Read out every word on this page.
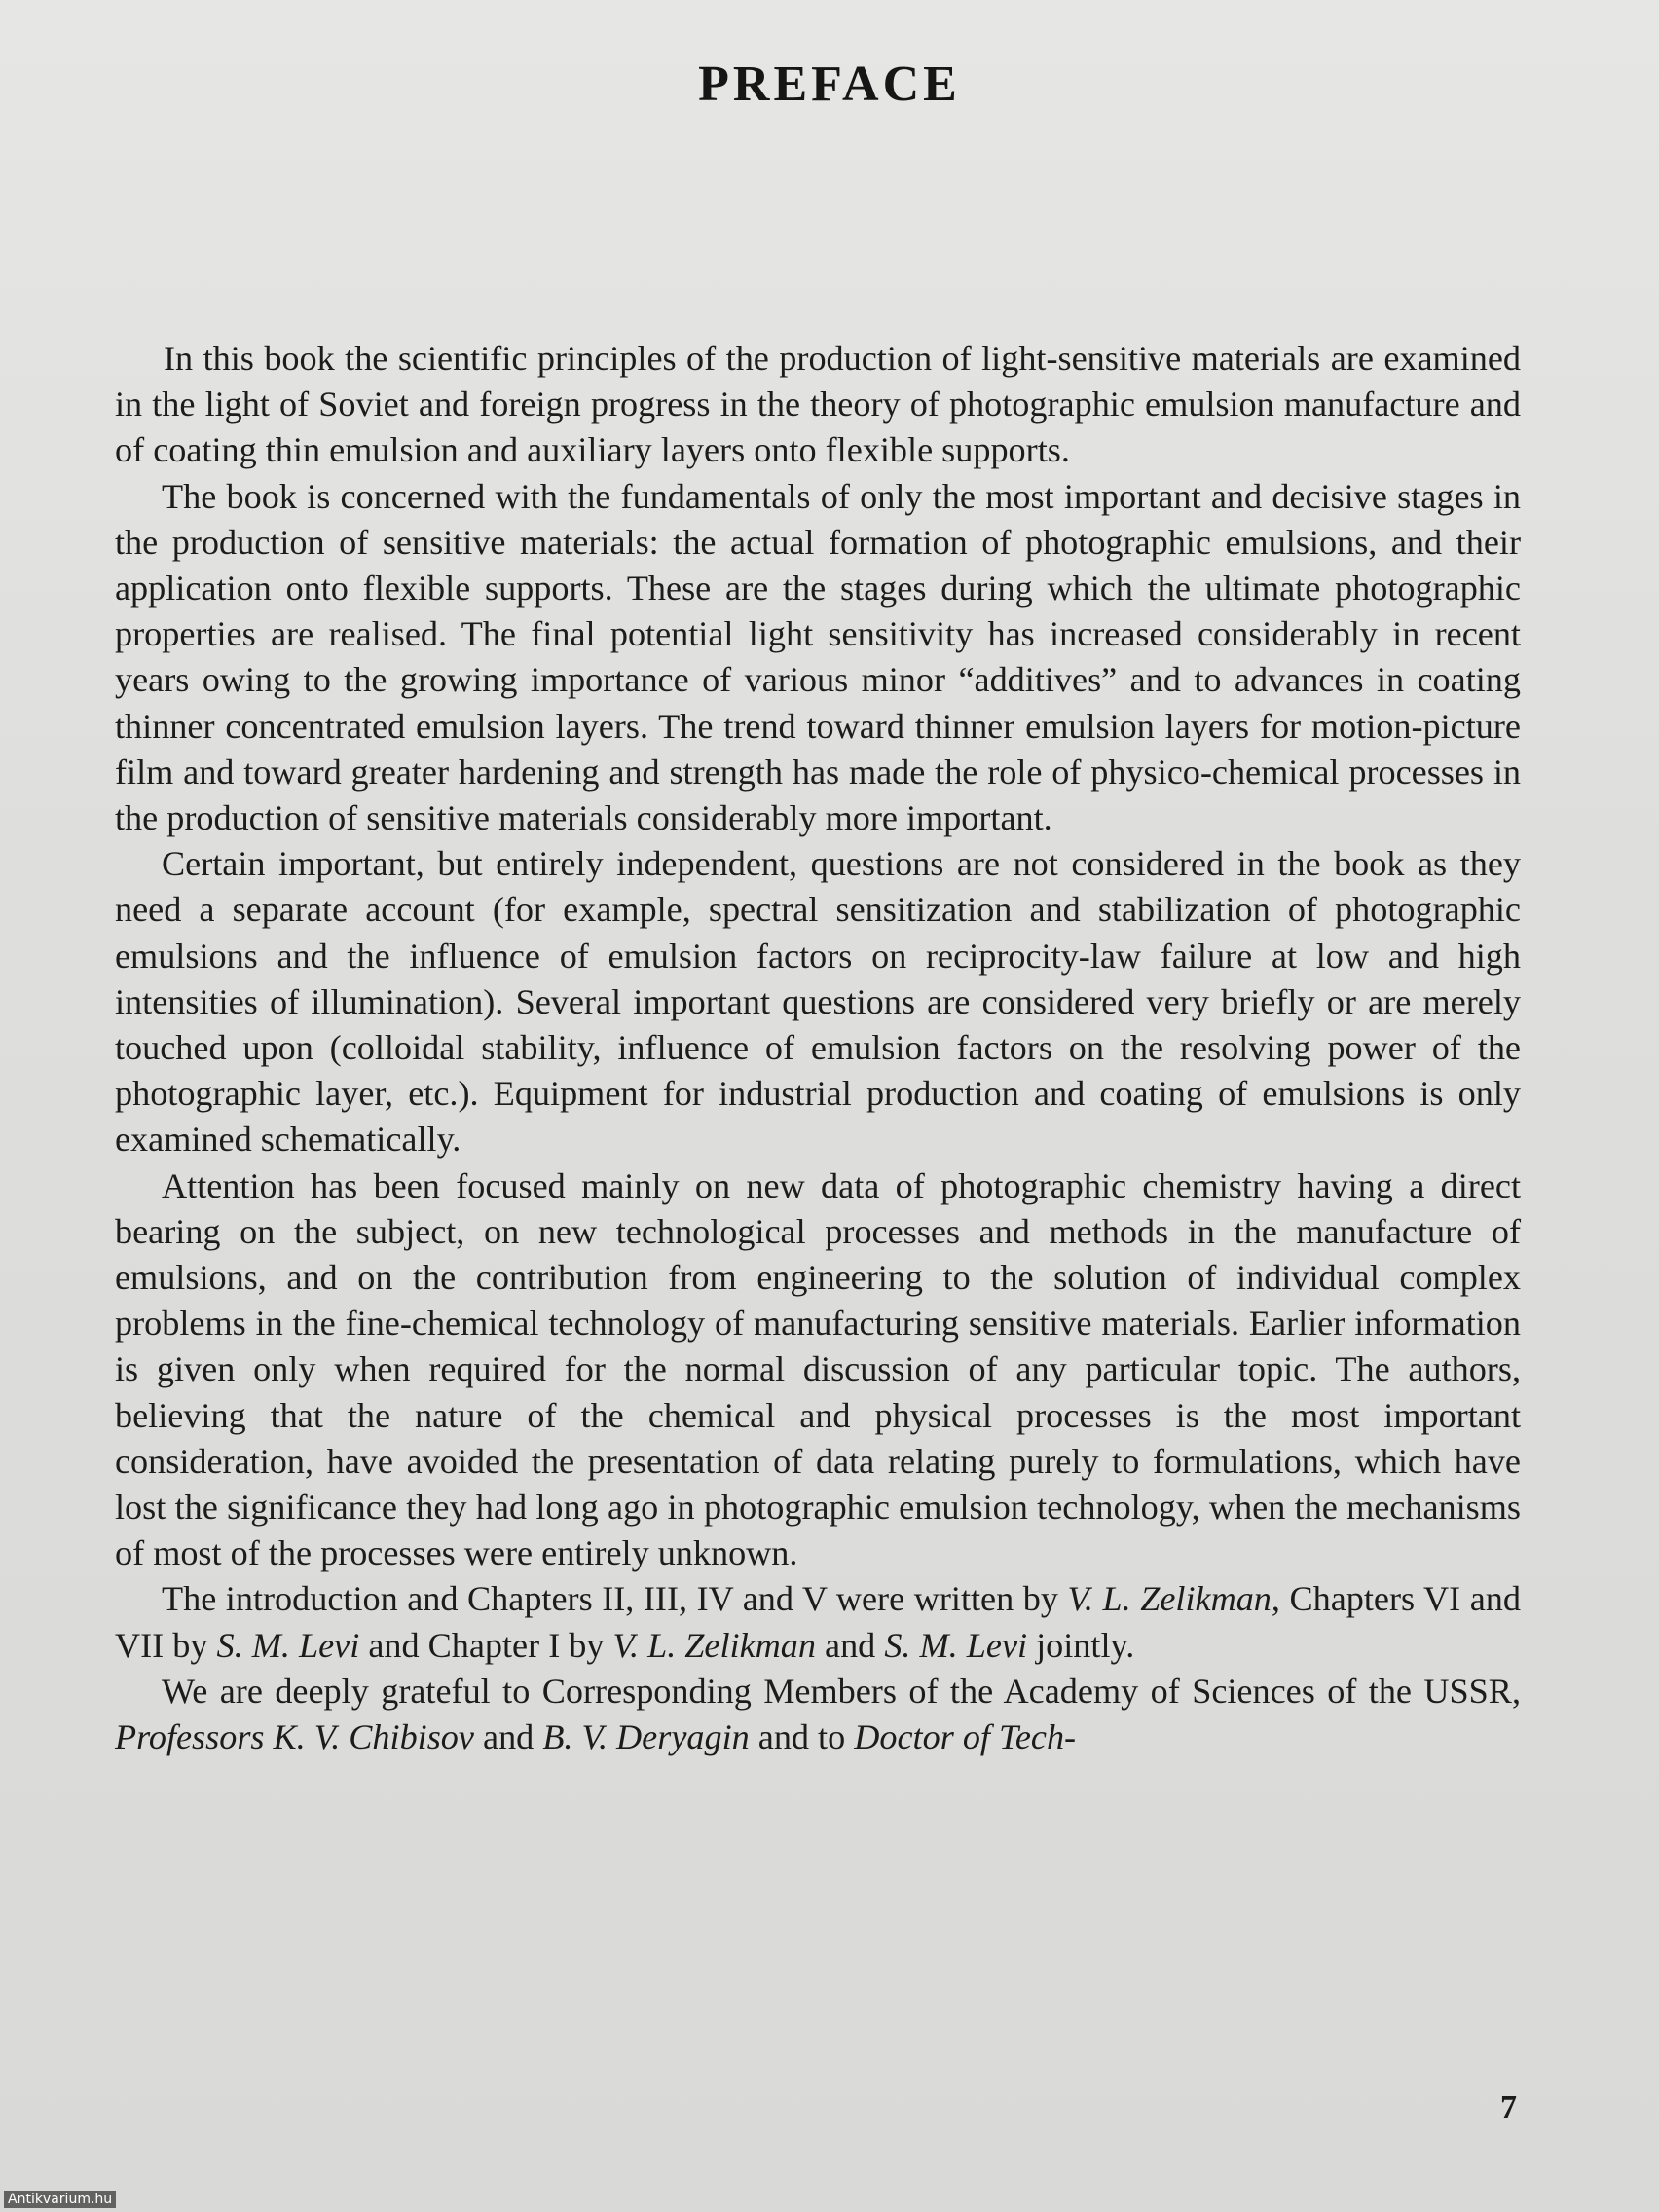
PREFACE

In this book the scientific principles of the production of light-sensitive materials are examined in the light of Soviet and foreign progress in the theory of photographic emulsion manufacture and of coating thin emulsion and auxiliary layers onto flexible supports.

The book is concerned with the fundamentals of only the most important and decisive stages in the production of sensitive materials: the actual formation of photographic emulsions, and their application onto flexible supports. These are the stages during which the ultimate photographic properties are realised. The final potential light sensitivity has increased considerably in recent years owing to the growing importance of various minor “additives” and to advances in coating thinner concentrated emulsion layers. The trend toward thinner emulsion layers for motion-picture film and toward greater hardening and strength has made the role of physico-chemical processes in the production of sensitive materials considerably more important.

Certain important, but entirely independent, questions are not considered in the book as they need a separate account (for example, spectral sensitization and stabilization of photographic emulsions and the influence of emulsion factors on reciprocity-law failure at low and high intensities of illumination). Several important questions are considered very briefly or are merely touched upon (colloidal stability, influence of emulsion factors on the resolving power of the photographic layer, etc.). Equipment for industrial production and coating of emulsions is only examined schematically.

Attention has been focused mainly on new data of photographic chemistry having a direct bearing on the subject, on new technological processes and methods in the manufacture of emulsions, and on the contribution from engineering to the solution of individual complex problems in the fine-chemical technology of manufacturing sensitive materials. Earlier information is given only when required for the normal discussion of any particular topic. The authors, believing that the nature of the chemical and physical processes is the most important consideration, have avoided the presentation of data relating purely to formulations, which have lost the significance they had long ago in photographic emulsion technology, when the mechanisms of most of the processes were entirely unknown.

The introduction and Chapters II, III, IV and V were written by V. L. Zelikman, Chapters VI and VII by S. M. Levi and Chapter I by V. L. Zelikman and S. M. Levi jointly.

We are deeply grateful to Corresponding Members of the Academy of Sciences of the USSR, Professors K. V. Chibisov and B. V. Deryagin and to Doctor of Tech-

7
Antikvarium.hu
